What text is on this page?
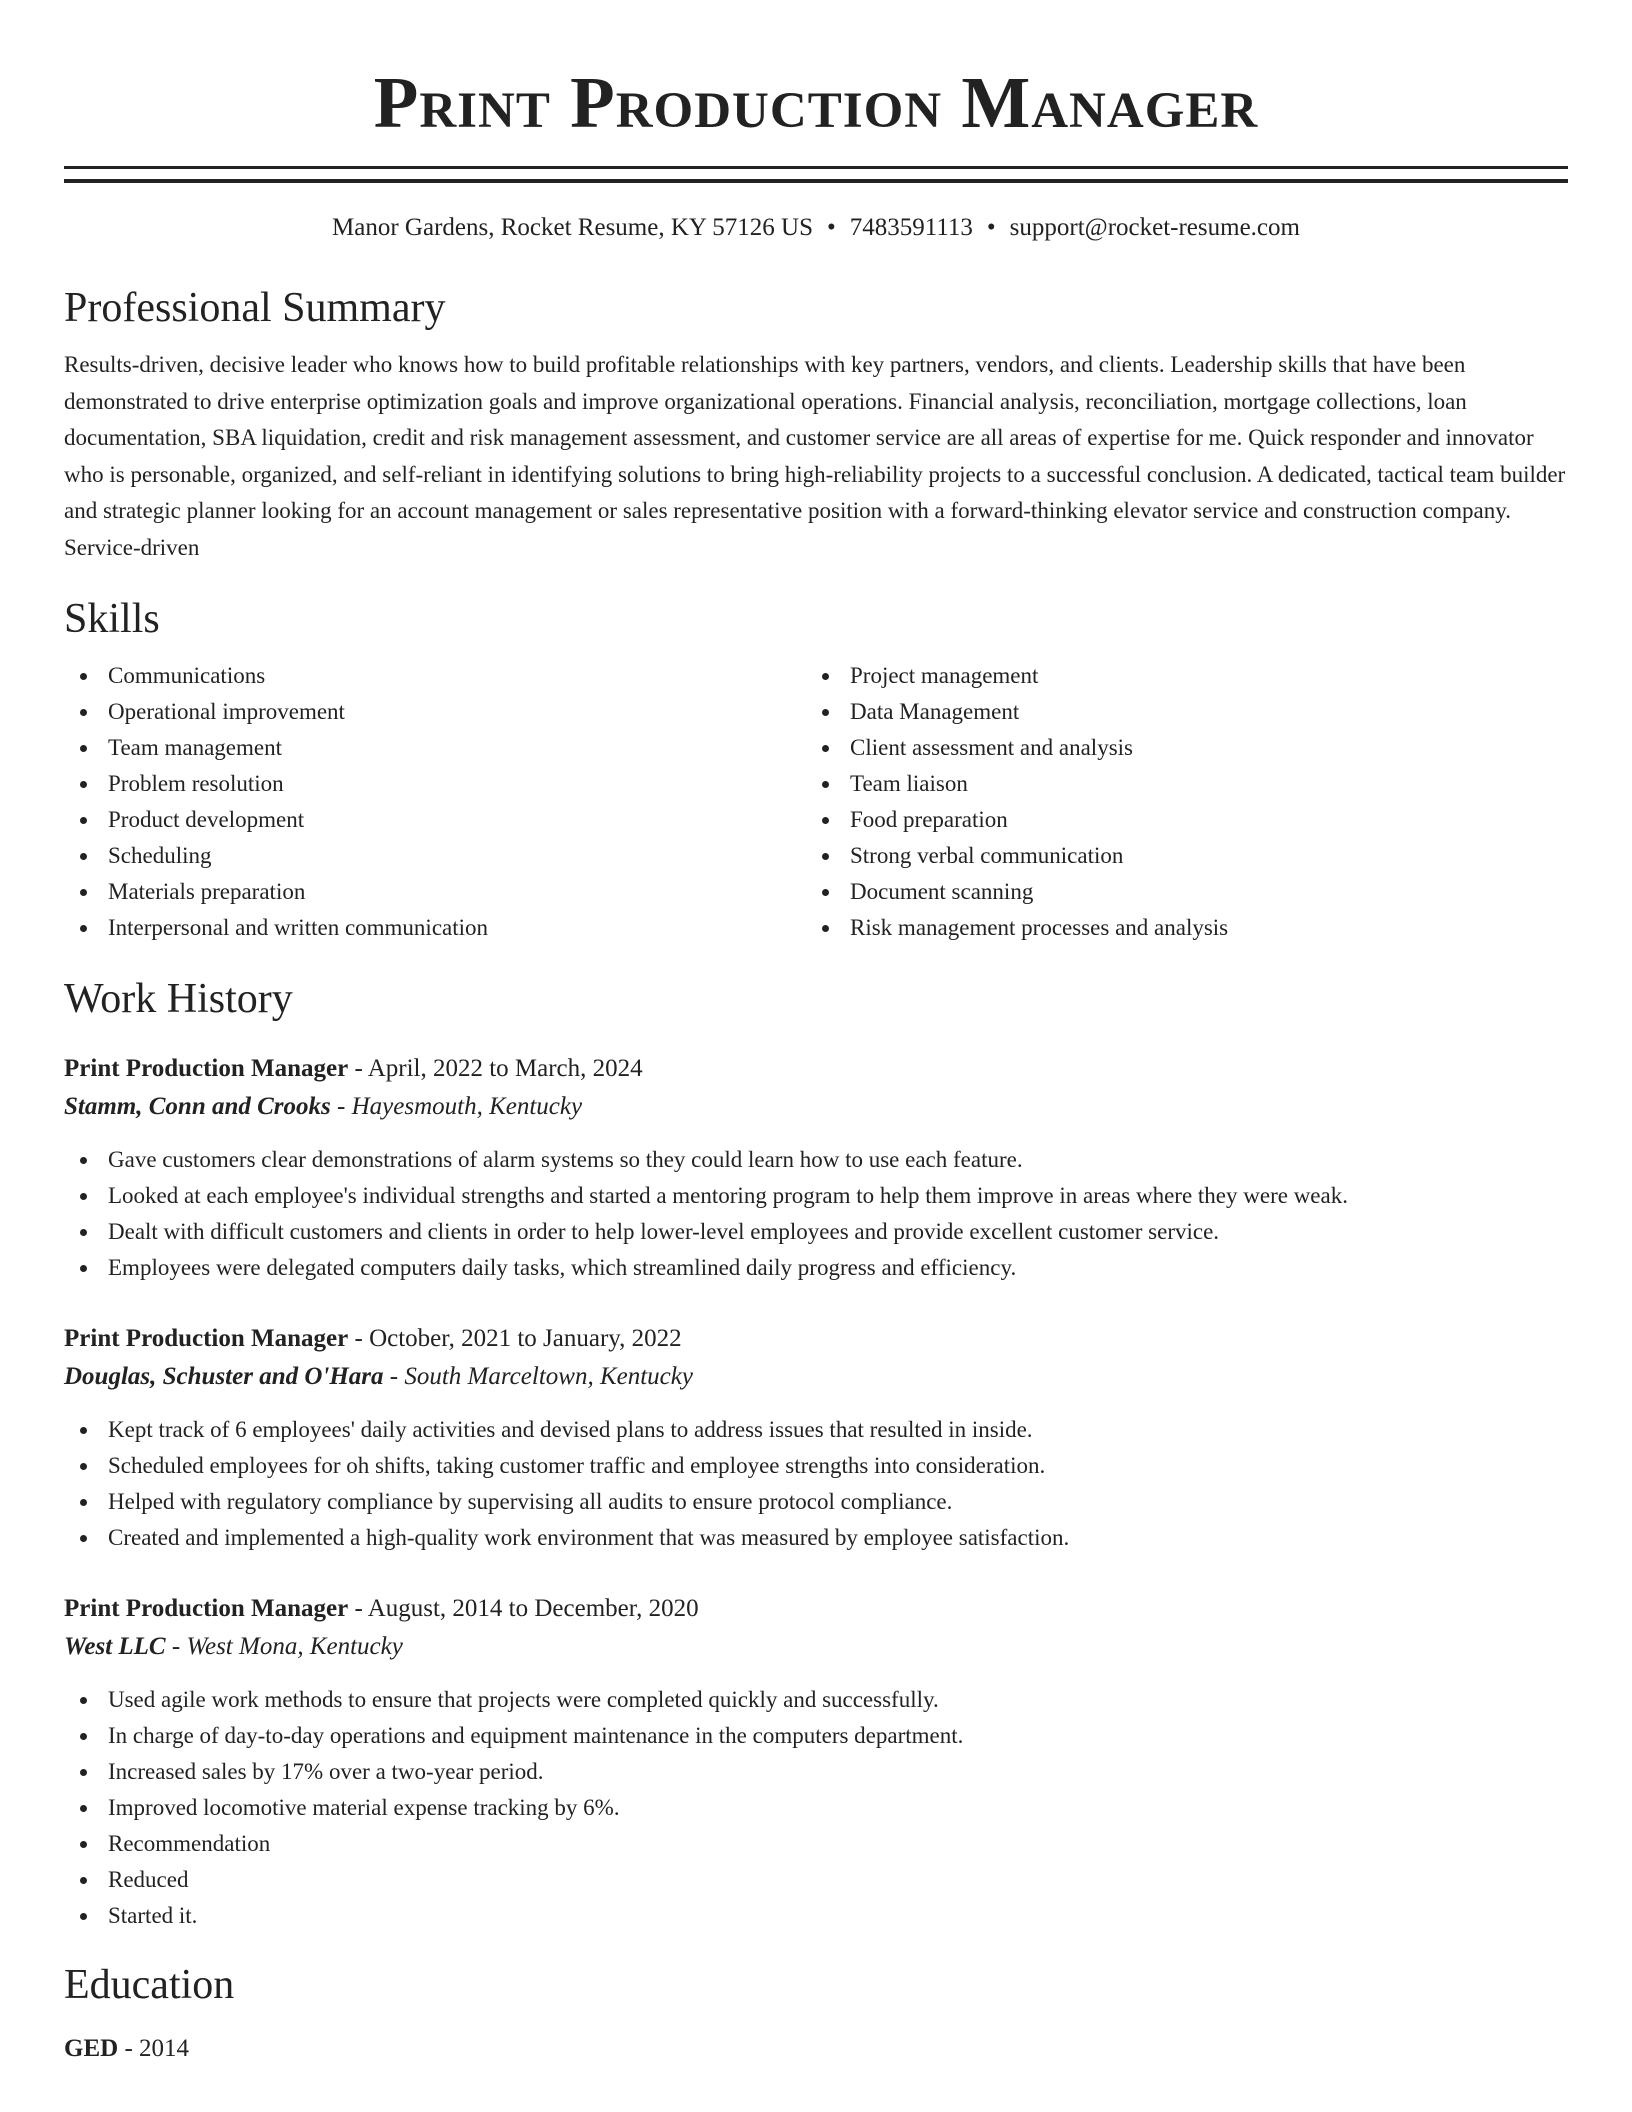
Print Production Manager
Manor Gardens, Rocket Resume, KY 57126 US • 7483591113 • support@rocket-resume.com
Professional Summary

Results-driven, decisive leader who knows how to build profitable relationships with key partners, vendors, and clients. Leadership skills that have been demonstrated to drive enterprise optimization goals and improve organizational operations. Financial analysis, reconciliation, mortgage collections, loan documentation, SBA liquidation, credit and risk management assessment, and customer service are all areas of expertise for me. Quick responder and innovator who is personable, organized, and self-reliant in identifying solutions to bring high-reliability projects to a successful conclusion. A dedicated, tactical team builder and strategic planner looking for an account management or sales representative position with a forward-thinking elevator service and construction company. Service-driven

Skills
Communications
Operational improvement
Team management
Problem resolution
Product development
Scheduling
Materials preparation
Interpersonal and written communication
Project management
Data Management
Client assessment and analysis
Team liaison
Food preparation
Strong verbal communication
Document scanning
Risk management processes and analysis
Work History
Print Production Manager - April, 2022 to March, 2024
Stamm, Conn and Crooks - Hayesmouth, Kentucky
Gave customers clear demonstrations of alarm systems so they could learn how to use each feature.
Looked at each employee's individual strengths and started a mentoring program to help them improve in areas where they were weak.
Dealt with difficult customers and clients in order to help lower-level employees and provide excellent customer service.
Employees were delegated computers daily tasks, which streamlined daily progress and efficiency.
Print Production Manager - October, 2021 to January, 2022
Douglas, Schuster and O'Hara - South Marceltown, Kentucky
Kept track of 6 employees' daily activities and devised plans to address issues that resulted in inside.
Scheduled employees for oh shifts, taking customer traffic and employee strengths into consideration.
Helped with regulatory compliance by supervising all audits to ensure protocol compliance.
Created and implemented a high-quality work environment that was measured by employee satisfaction.
Print Production Manager - August, 2014 to December, 2020
West LLC - West Mona, Kentucky
Used agile work methods to ensure that projects were completed quickly and successfully.
In charge of day-to-day operations and equipment maintenance in the computers department.
Increased sales by 17% over a two-year period.
Improved locomotive material expense tracking by 6%.
Recommendation
Reduced
Started it.
Education
GED - 2014
